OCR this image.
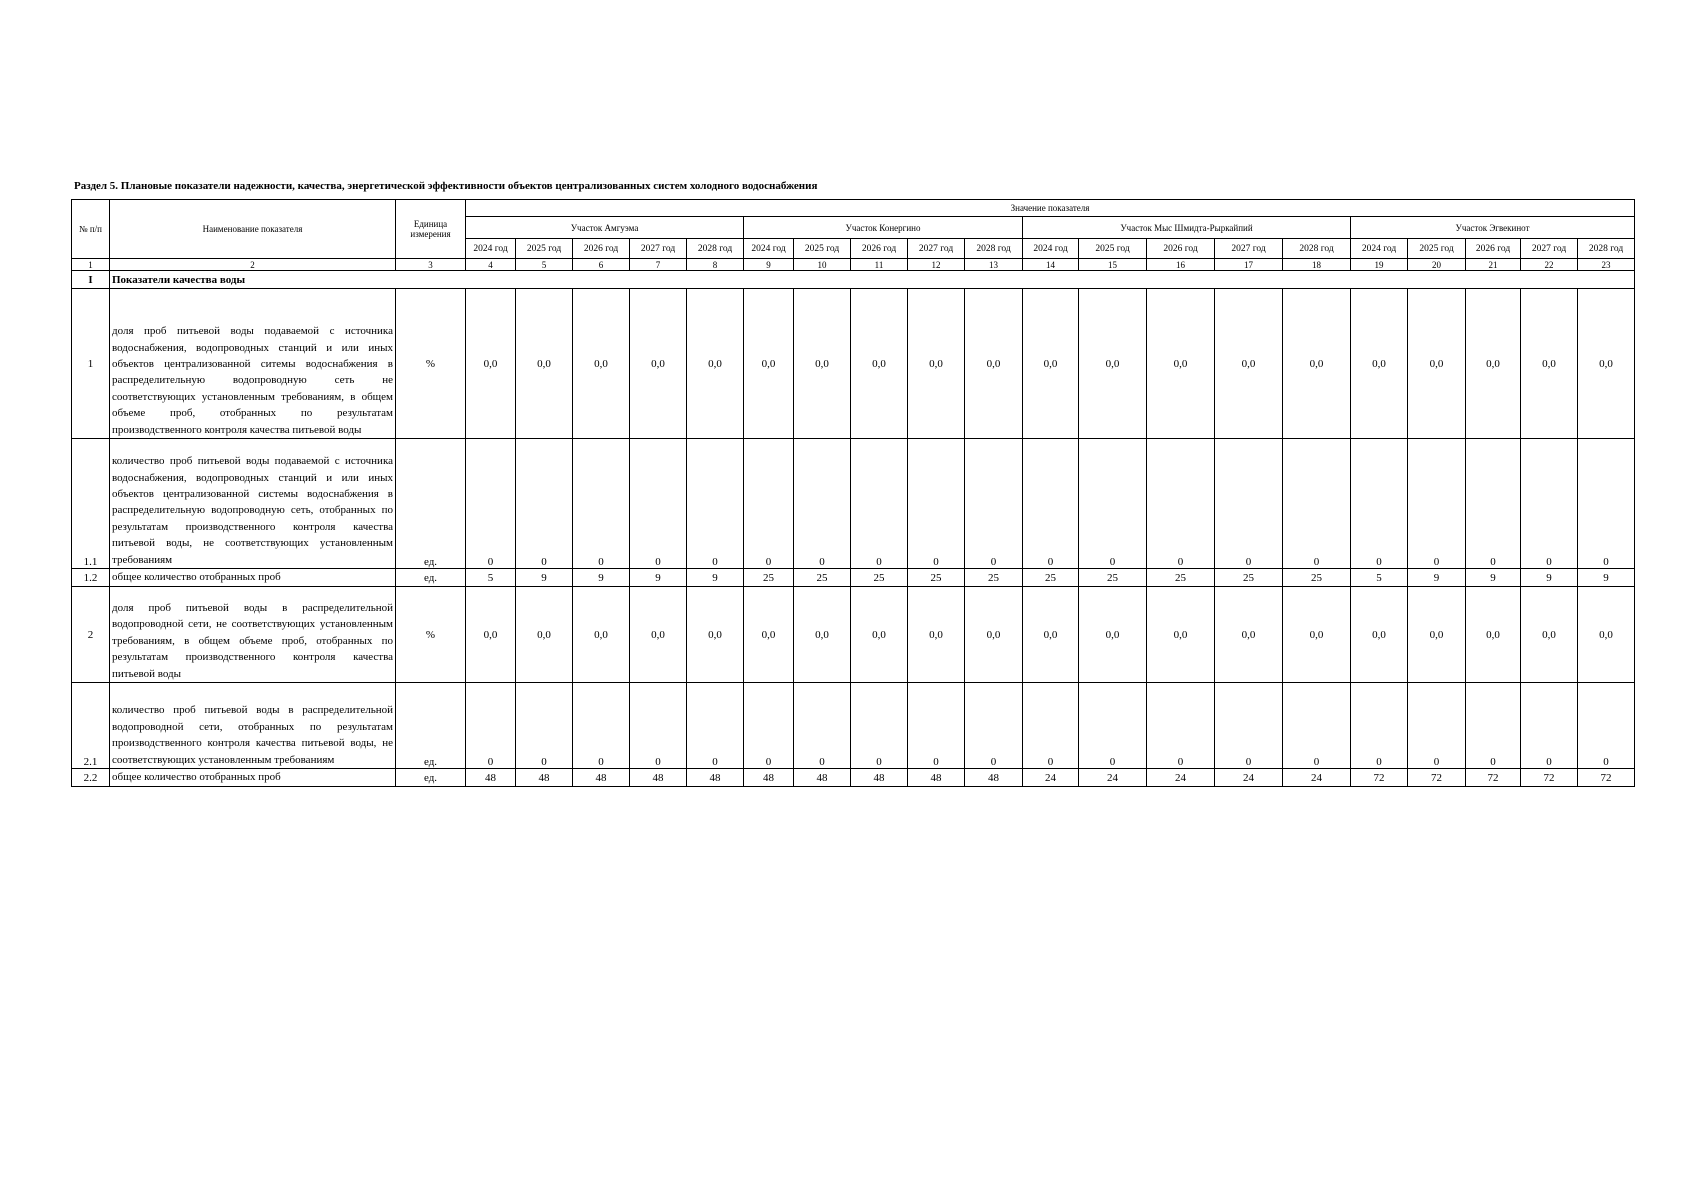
Раздел 5. Плановые показатели надежности, качества, энергетической эффективности объектов централизованных систем холодного водоснабжения
№ п/п	Наименование показателя	Единица измерения	Значение показателя																			
			Участок Амгуэма					Участок Конергино					Участок Мыс Шмидта-Рыркайпий					Участок Эгвекинот				
			2024 год	2025 год	2026 год	2027 год	2028 год	2024 год	2025 год	2026 год	2027 год	2028 год	2024 год	2025 год	2026 год	2027 год	2028 год	2024 год	2025 год	2026 год	2027 год	2028 год
1	2	3	4	5	6	7	8	9	10	11	12	13	14	15	16	17	18	19	20	21	22	23
I	Показатели качества воды																					
1	доля проб питьевой воды подаваемой с источника водоснабжения, водопроводных станций и или иных объектов централизованной ситемы водоснабжения в распределительную водопроводную сеть не соответствующих установленным требованиям, в общем объеме проб, отобранных по результатам производственного контроля качества питьевой воды	%	0,0	0,0	0,0	0,0	0,0	0,0	0,0	0,0	0,0	0,0	0,0	0,0	0,0	0,0	0,0	0,0	0,0	0,0	0,0	0,0
1.1	количество проб питьевой воды подаваемой с источника водоснабжения, водопроводных станций и или иных объектов централизованной системы водоснабжения в распределительную водопроводную сеть, отобранных по результатам производственного контроля качества питьевой воды, не соответствующих установленным требованиям	ед.	0	0	0	0	0	0	0	0	0	0	0	0	0	0	0	0	0	0	0	0
1.2	общее количество отобранных проб	ед.	5	9	9	9	9	25	25	25	25	25	25	25	25	25	25	5	9	9	9	9
2	доля проб питьевой воды в распределительной водопроводной сети, не соответствующих установленным требованиям, в общем объеме проб, отобранных по результатам производственного контроля качества питьевой воды	%	0,0	0,0	0,0	0,0	0,0	0,0	0,0	0,0	0,0	0,0	0,0	0,0	0,0	0,0	0,0	0,0	0,0	0,0	0,0	0,0
2.1	количество проб питьевой воды в распределительной водопроводной сети, отобранных по результатам производственного контроля качества питьевой воды, не соответствующих установленным требованиям	ед.	0	0	0	0	0	0	0	0	0	0	0	0	0	0	0	0	0	0	0	0
2.2	общее количество отобранных проб	ед.	48	48	48	48	48	48	48	48	48	48	24	24	24	24	24	72	72	72	72	72
